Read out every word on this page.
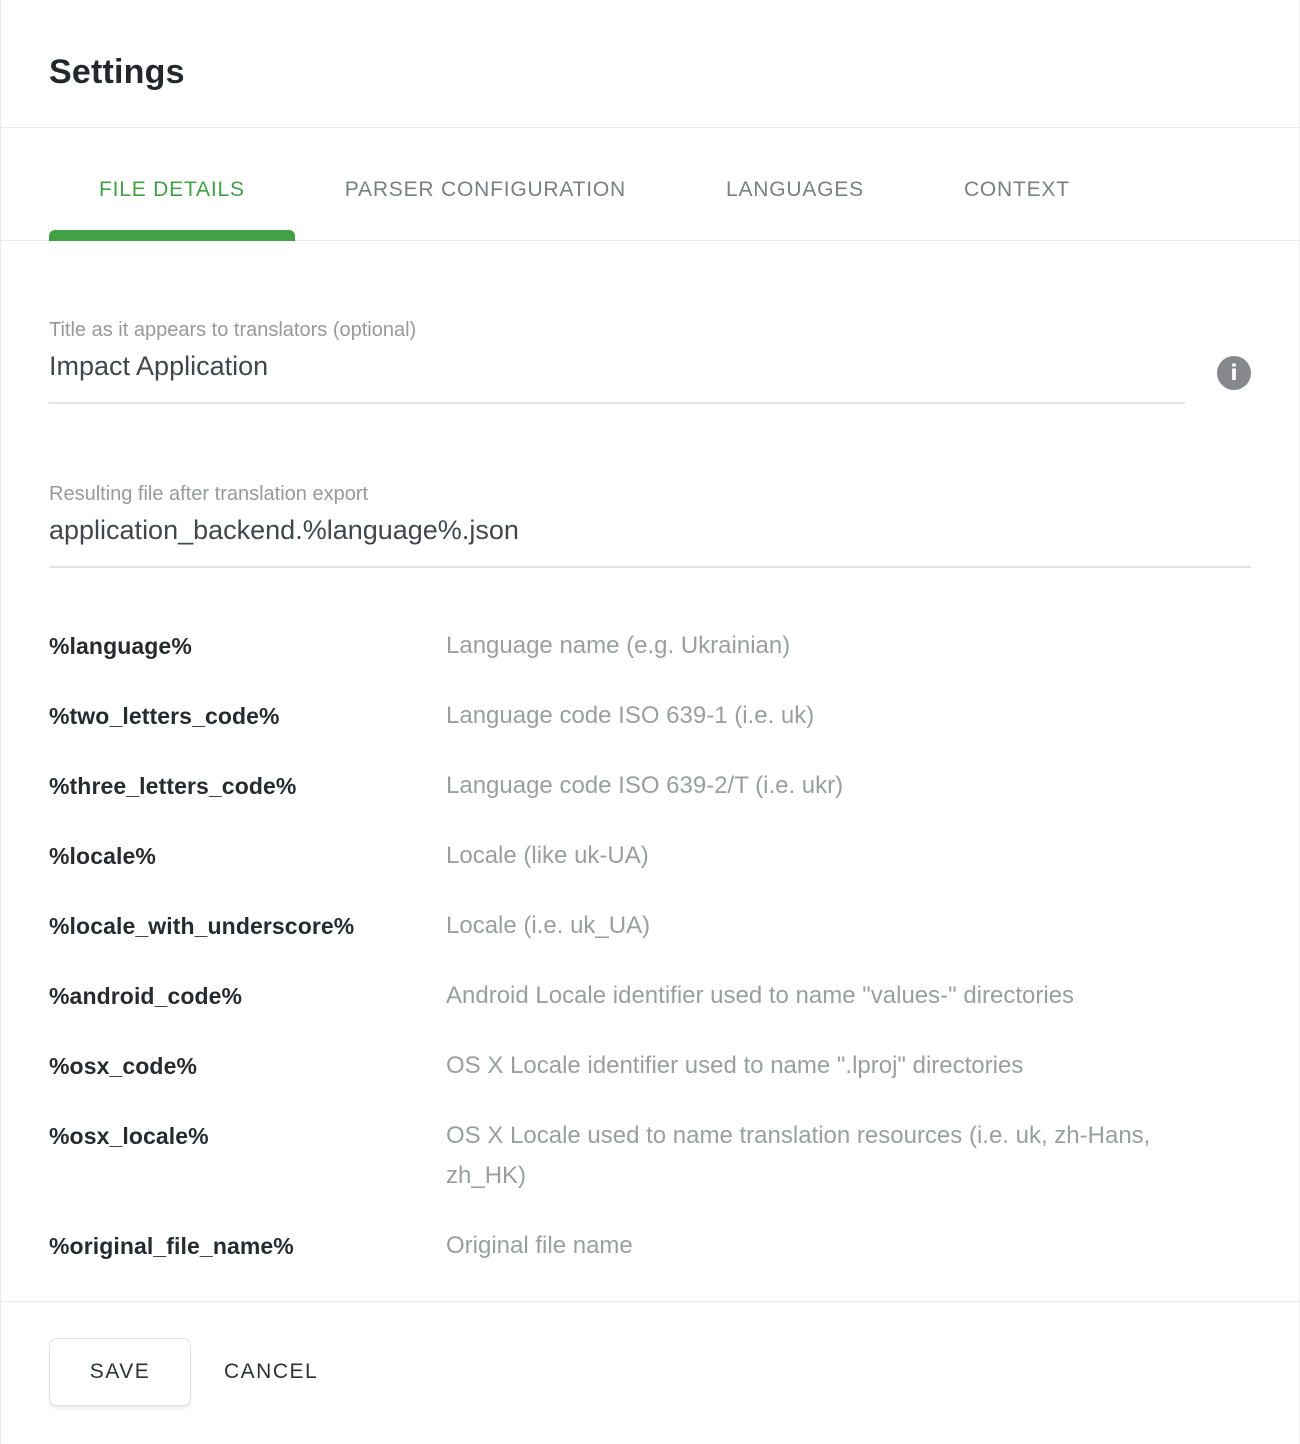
Settings
FILE DETAILS	PARSER CONFIGURATION	LANGUAGES	CONTEXT
Title as it appears to translators (optional)
Impact Application	i
Resulting file after translation export
application_backend.%language%.json
%language%	Language name (e.g. Ukrainian)
%two_letters_code%	Language code ISO 639-1 (i.e. uk)
%three_letters_code%	Language code ISO 639-2/T (i.e. ukr)
%locale%	Locale (like uk-UA)
%locale_with_underscore%	Locale (i.e. uk_UA)
%android_code%	Android Locale identifier used to name "values-" directories
%osx_code%	OS X Locale identifier used to name ".lproj" directories
%osx_locale%	OS X Locale used to name translation resources (i.e. uk, zh-Hans, zh_HK)
%original_file_name%	Original file name
SAVE	CANCEL
